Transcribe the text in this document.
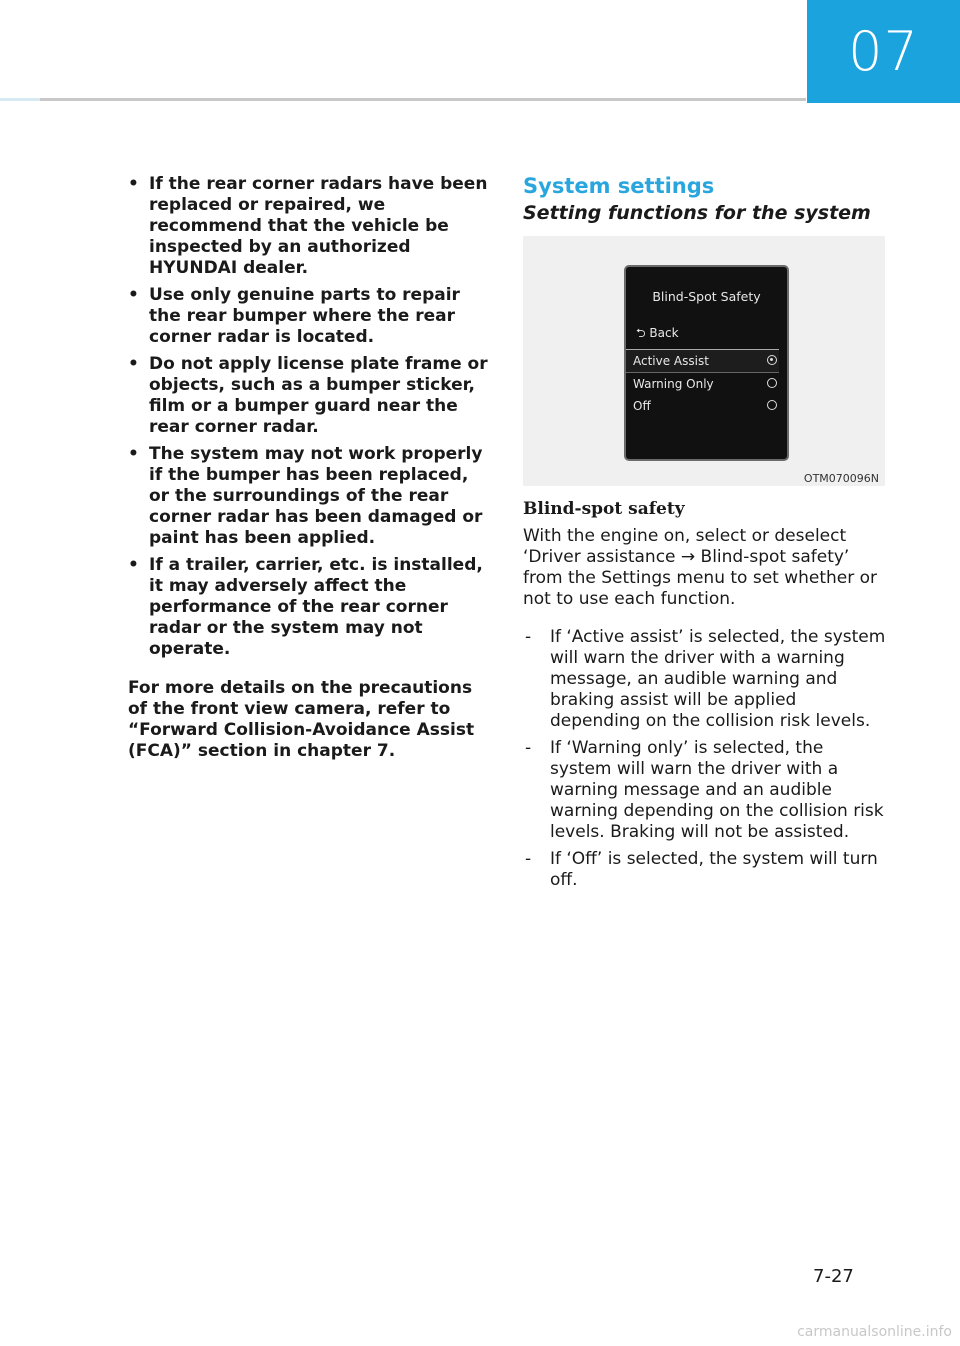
07
• If the rear corner radars have been replaced or repaired, we recommend that the vehicle be inspected by an authorized HYUNDAI dealer.
• Use only genuine parts to repair the rear bumper where the rear corner radar is located.
• Do not apply license plate frame or objects, such as a bumper sticker, film or a bumper guard near the rear corner radar.
• The system may not work properly if the bumper has been replaced, or the surroundings of the rear corner radar has been damaged or paint has been applied.
• If a trailer, carrier, etc. is installed, it may adversely affect the performance of the rear corner radar or the system may not operate.

For more details on the precautions of the front view camera, refer to “Forward Collision-Avoidance Assist (FCA)” section in chapter 7.

System settings
Setting functions for the system
Blind-Spot Safety
⮌ Back
Active Assist
Warning Only
Off
OTM070096N
Blind-spot safety

With the engine on, select or deselect ‘Driver assistance → Blind-spot safety’ from the Settings menu to set whether or not to use each function.

- If ‘Active assist’ is selected, the system will warn the driver with a warning message, an audible warning and braking assist will be applied depending on the collision risk levels.
- If ‘Warning only’ is selected, the system will warn the driver with a warning message and an audible warning depending on the collision risk levels. Braking will not be assisted.
- If ‘Off’ is selected, the system will turn off.
7-27
carmanualsonline.info
